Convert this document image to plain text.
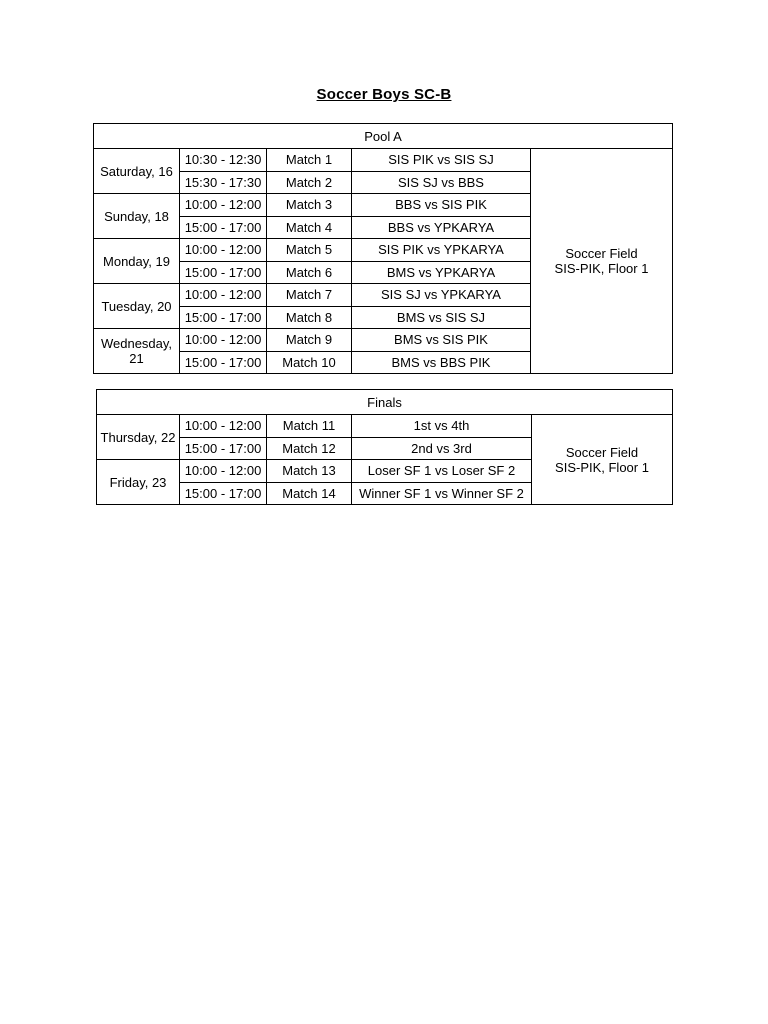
Soccer Boys SC-B
Pool A				
Saturday, 16	10:30 - 12:30	Match 1	SIS PIK vs SIS SJ	Soccer Field
SIS-PIK, Floor 1

	15:30 - 17:30	Match 2	SIS SJ vs BBS	
Sunday, 18	10:00 - 12:00	Match 3	BBS vs SIS PIK	
	15:00 - 17:00	Match 4	BBS vs YPKARYA	
Monday, 19	10:00 - 12:00	Match 5	SIS PIK vs YPKARYA	
	15:00 - 17:00	Match 6	BMS vs YPKARYA	
Tuesday, 20	10:00 - 12:00	Match 7	SIS SJ vs YPKARYA	
	15:00 - 17:00	Match 8	BMS vs SIS SJ	

Wednesday,
21	10:00 - 12:00	Match 9	BMS vs SIS PIK	
	15:00 - 17:00	Match 10	BMS vs BBS PIK	
Finals				
Thursday, 22	10:00 - 12:00	Match 11	1st vs 4th	Soccer Field
SIS-PIK, Floor 1

	15:00 - 17:00	Match 12	2nd vs 3rd	
Friday, 23	10:00 - 12:00	Match 13	Loser SF 1 vs Loser SF 2	
	15:00 - 17:00	Match 14	Winner SF 1 vs Winner SF 2	
